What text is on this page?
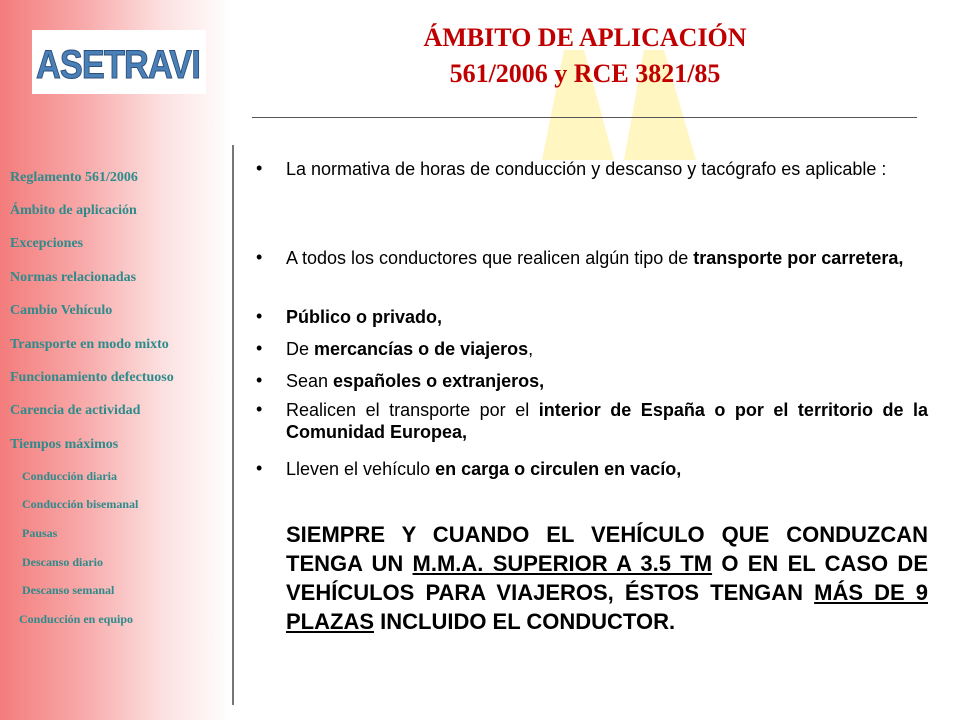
ASETRAVI
Reglamento 561/2006
Ámbito de aplicación
Excepciones
Normas relacionadas
Cambio Vehículo
Transporte en modo mixto
Funcionamiento defectuoso
Carencia de actividad
Tiempos máximos
Conducción diaria
Conducción bisemanal
Pausas
Descanso diario
Descanso semanal
Conducción en equipo
ÁMBITO DE APLICACIÓN
561/2006 y RCE 3821/85
• La normativa de horas de conducción y descanso y tacógrafo es aplicable :
• A todos los conductores que realicen algún tipo de transporte por carretera,
• Público o privado,
• De mercancías o de viajeros,
• Sean españoles o extranjeros,
• Realicen el transporte por el interior de España o por el territorio de la Comunidad Europea,
• Lleven el vehículo en carga o circulen en vacío,
SIEMPRE Y CUANDO EL VEHÍCULO QUE CONDUZCAN TENGA UN M.M.A. SUPERIOR A 3.5 TM O EN EL CASO DE VEHÍCULOS PARA VIAJEROS, ÉSTOS TENGAN MÁS DE 9 PLAZAS INCLUIDO EL CONDUCTOR.
